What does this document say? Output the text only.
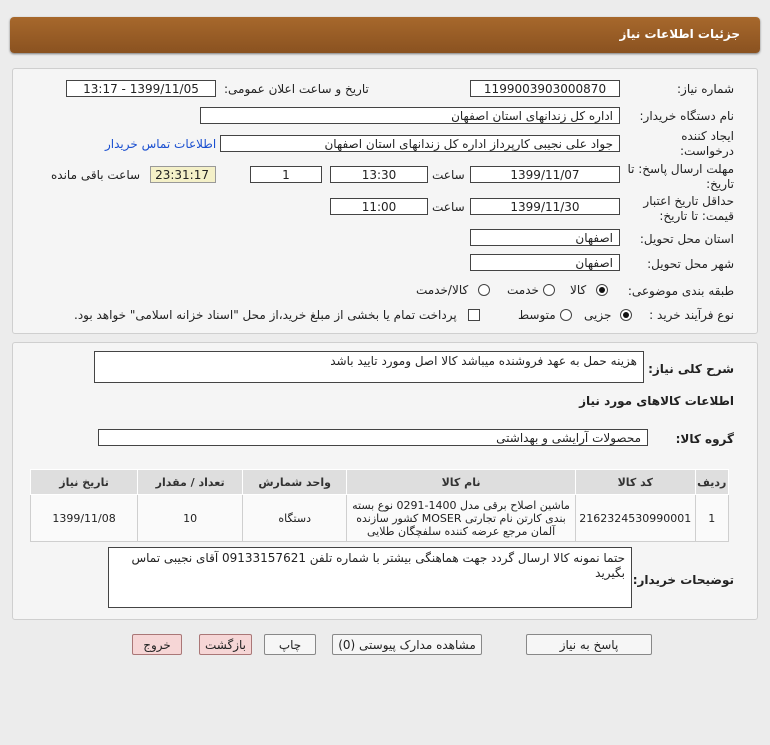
جزئیات اطلاعات نیاز
شماره نیاز:
1199003903000870
تاریخ و ساعت اعلان عمومی:
1399/11/05 - 13:17
نام دستگاه خریدار:
اداره کل زندانهای استان اصفهان
ایجاد کننده درخواست:
جواد علی نجیبی کارپرداز اداره کل زندانهای استان اصفهان
اطلاعات تماس خریدار
مهلت ارسال پاسخ: تا تاریخ:
1399/11/07
ساعت
13:30
1
23:31:17
ساعت باقی مانده
حداقل تاریخ اعتبار قیمت: تا تاریخ:
1399/11/30
ساعت
11:00
استان محل تحویل:
اصفهان
شهر محل تحویل:
اصفهان
طبقه بندی موضوعی:
کالا
خدمت
کالا/خدمت
نوع فرآیند خرید :
جزیی
متوسط
پرداخت تمام یا بخشی از مبلغ خرید،از محل "اسناد خزانه اسلامی" خواهد بود.
شرح کلی نیاز:
هزینه حمل به عهد فروشنده میباشد کالا اصل ومورد تایید باشد
اطلاعات کالاهای مورد نیاز
گروه کالا:
محصولات آرایشی و بهداشتی
ردیف	کد کالا	نام کالا	واحد شمارش	تعداد / مقدار	تاریخ نیاز
1	2162324530990001	ماشین اصلاح برقی مدل 1400-0291 نوع بسته بندی کارتن نام تجارتی MOSER کشور سازنده آلمان مرجع عرضه کننده سلفچگان طلایی	دستگاه	10	1399/11/08
توضیحات خریدار:
حتما نمونه کالا ارسال گردد جهت هماهنگی بیشتر با شماره تلفن 09133157621 آقای نجیبی تماس بگیرید
پاسخ به نیاز
مشاهده مدارک پیوستی (0)
چاپ
بازگشت
خروج
